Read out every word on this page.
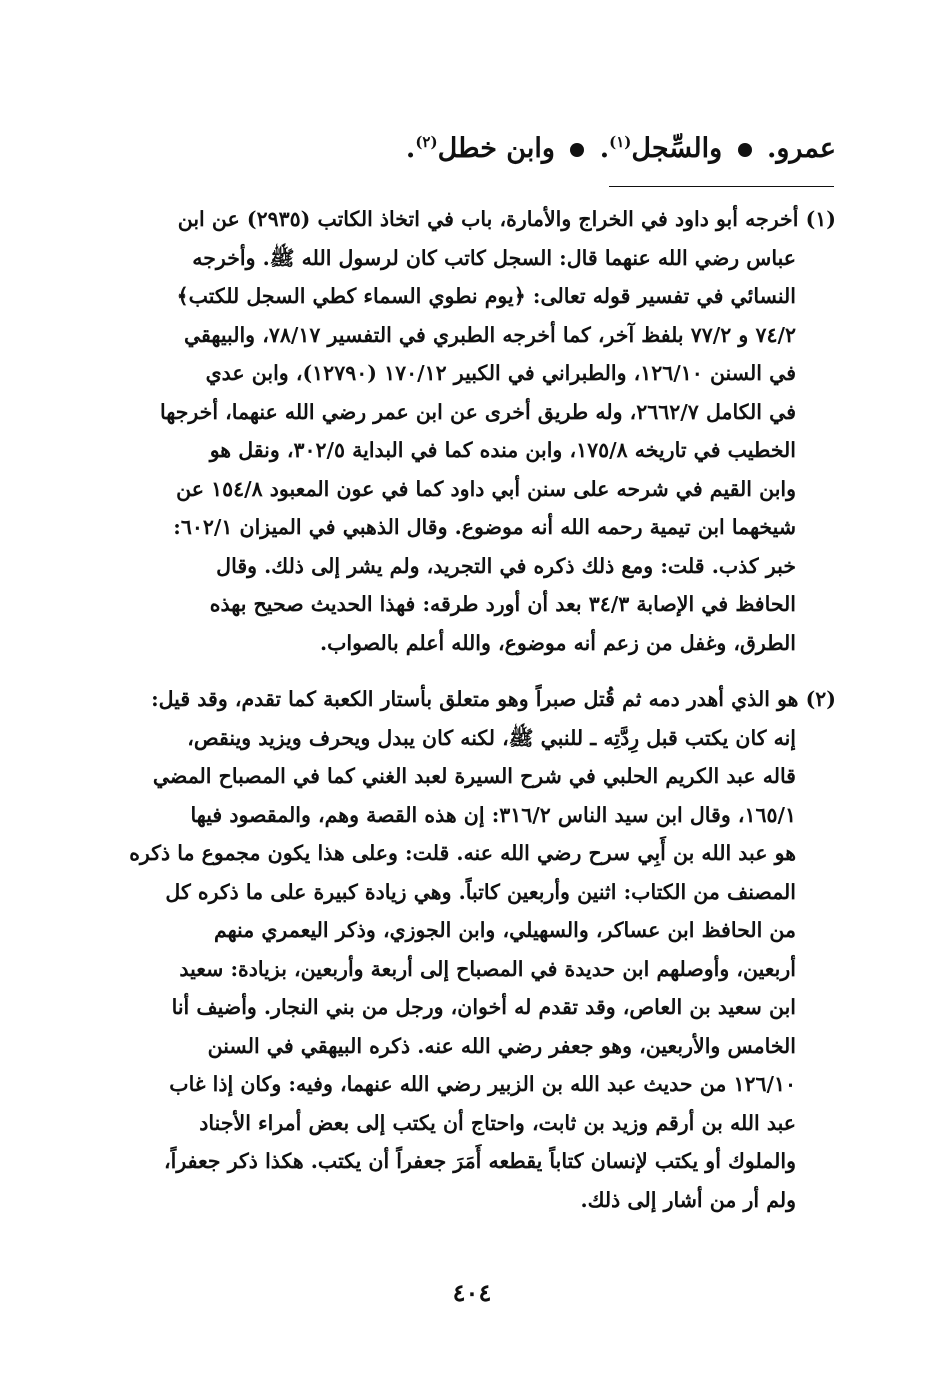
عمرو.  والسِّجل$^{(١)}$.  وابن خطل$^{(٢)}$.
(١) أخرجه أبو داود في الخراج والأمارة، باب في اتخاذ الكاتب (٢٩٣٥) عن ابن
عباس رضي الله عنهما قال: السجل كاتب كان لرسول الله ﷺ. وأخرجه
النسائي في تفسير قوله تعالى: ﴿يوم نطوي السماء كطي السجل للكتب﴾
٧٤/٢ و ٧٧/٢ بلفظ آخر، كما أخرجه الطبري في التفسير ٧٨/١٧، والبيهقي
في السنن ١٢٦/١٠، والطبراني في الكبير ١٧٠/١٢ (١٢٧٩٠)، وابن عدي
في الكامل ٢٦٦٢/٧، وله طريق أخرى عن ابن عمر رضي الله عنهما، أخرجها
الخطيب في تاريخه ١٧٥/٨، وابن منده كما في البداية ٣٠٢/٥، ونقل هو
وابن القيم في شرحه على سنن أبي داود كما في عون المعبود ١٥٤/٨ عن
شيخهما ابن تيمية رحمه الله أنه موضوع. وقال الذهبي في الميزان ٦٠٢/١:
خبر كذب. قلت: ومع ذلك ذكره في التجريد، ولم يشر إلى ذلك. وقال
الحافظ في الإصابة ٣٤/٣ بعد أن أورد طرقه: فهذا الحديث صحيح بهذه
الطرق، وغفل من زعم أنه موضوع، والله أعلم بالصواب.
(٢) هو الذي أهدر دمه ثم قُتل صبراً وهو متعلق بأستار الكعبة كما تقدم، وقد قيل:
إنه كان يكتب قبل رِدَّتِه ـ للنبي ﷺ، لكنه كان يبدل ويحرف ويزيد وينقص،
قاله عبد الكريم الحلبي في شرح السيرة لعبد الغني كما في المصباح المضي
١٦٥/١، وقال ابن سيد الناس ٣١٦/٢: إن هذه القصة وهم، والمقصود فيها
هو عبد الله بن أَبِي سرح رضي الله عنه. قلت: وعلى هذا يكون مجموع ما ذكره
المصنف من الكتاب: اثنين وأربعين كاتباً. وهي زيادة كبيرة على ما ذكره كل
من الحافظ ابن عساكر، والسهيلي، وابن الجوزي، وذكر اليعمري منهم
أربعين، وأوصلهم ابن حديدة في المصباح إلى أربعة وأربعين، بزيادة: سعيد
ابن سعيد بن العاص، وقد تقدم له أخوان، ورجل من بني النجار. وأضيف أنا
الخامس والأربعين، وهو جعفر رضي الله عنه. ذكره البيهقي في السنن
١٢٦/١٠ من حديث عبد الله بن الزبير رضي الله عنهما، وفيه: وكان إذا غاب
عبد الله بن أرقم وزيد بن ثابت، واحتاج أن يكتب إلى بعض أمراء الأجناد
والملوك أو يكتب لإنسان كتاباً يقطعه أَمَرَ جعفراً أن يكتب. هكذا ذكر جعفراً،
ولم أر من أشار إلى ذلك.
٤٠٤
